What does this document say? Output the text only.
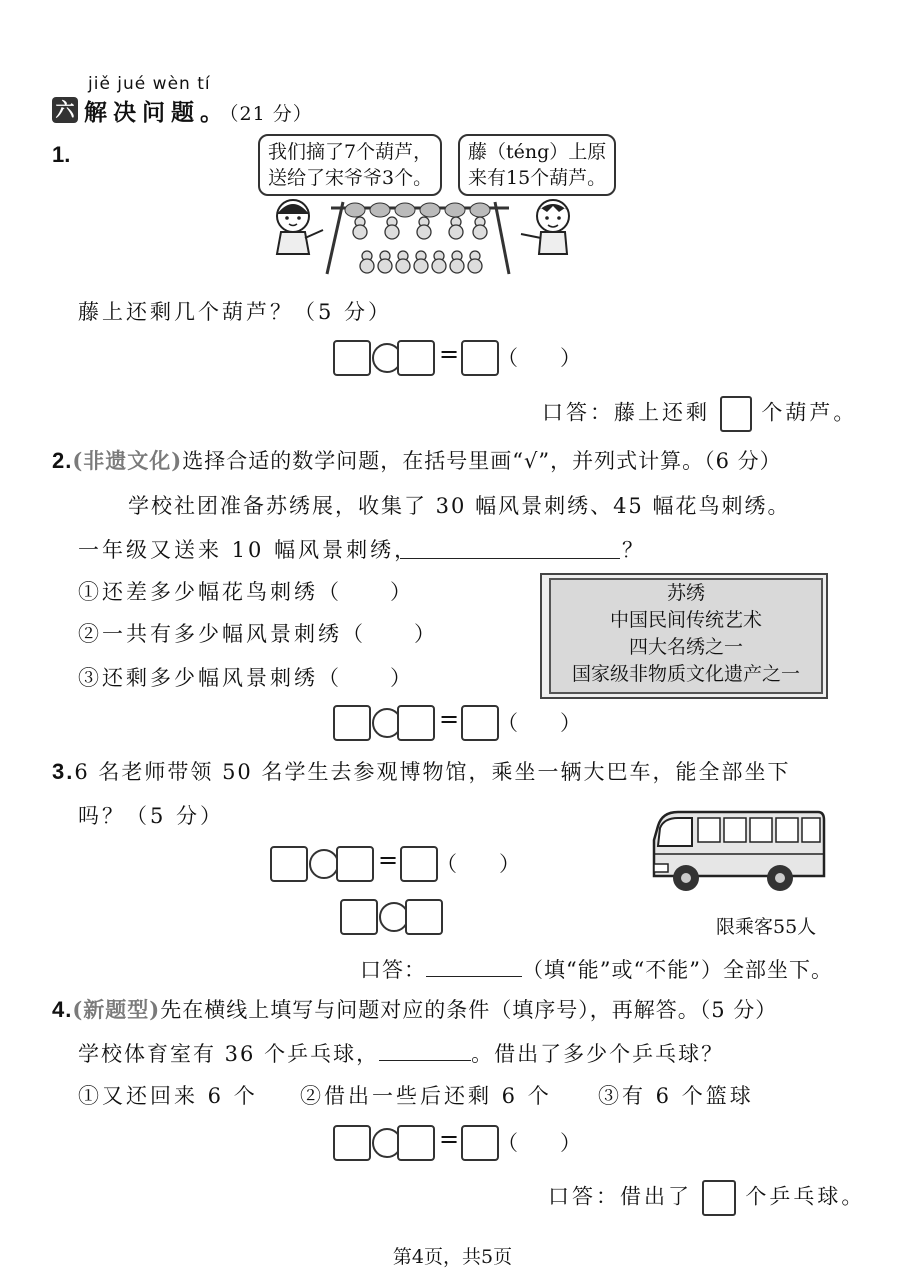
jiě jué wèn tí
六 解决问题。（21 分）
1.	我们摘了7个葫芦，
送给了宋爷爷3个。
藤（téng）上原
来有15个葫芦。
藤上还剩几个葫芦？（5 分）
= （　　）
口答：藤上还剩 个葫芦。
2.(非遗文化)选择合适的数学问题，在括号里画“√”，并列式计算。（6 分）
学校社团准备苏绣展，收集了 30 幅风景刺绣、45 幅花鸟刺绣。
一年级又送来 10 幅风景刺绣，	？
①还差多少幅花鸟刺绣（　　）
②一共有多少幅风景刺绣（　　）
③还剩多少幅风景刺绣（　　）
苏绣
中国民间传统艺术
四大名绣之一
国家级非物质文化遗产之一
= （　　）
3.6 名老师带领 50 名学生去参观博物馆，乘坐一辆大巴车，能全部坐下
吗？（5 分）
限乘客55人
= （　　）
口答：	（填“能”或“不能”）全部坐下。
4.(新题型)先在横线上填写与问题对应的条件（填序号），再解答。（5 分）
学校体育室有 36 个乒乓球，	。借出了多少个乒乓球？
①又还回来 6 个 ②借出一些后还剩 6 个 ③有 6 个篮球
= （　　）
口答：借出了	个乒乓球。
第4页，共5页
